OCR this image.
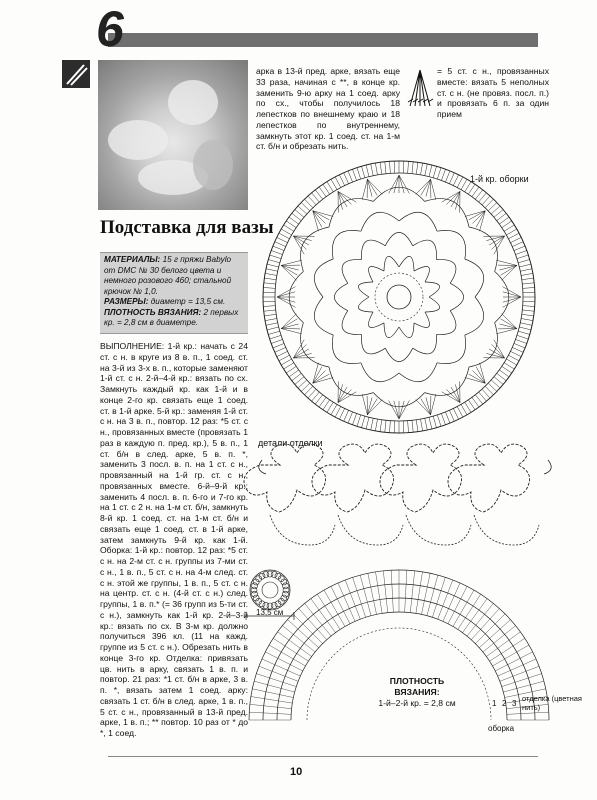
6
Подставка для вазы
МАТЕРИАЛЫ: 15 г пряжи Babylo от DMC № 30 белого цвета и немного розового 460; стальной крючок № 1,0.
РАЗМЕРЫ: диаметр = 13,5 см.
ПЛОТНОСТЬ ВЯЗАНИЯ: 2 первых кр. = 2,8 см в диаметре.
ВЫПОЛНЕНИЕ: 1-й кр.: начать с 24 ст. с н. в круге из 8 в. п., 1 соед. ст. на 3-й из 3-х в. п., которые заменяют 1-й ст. с н. 2-й–4-й кр.: вязать по сх. Замкнуть каждый кр. как 1-й и в конце 2-го кр. связать еще 1 соед. ст. в 1-й арке. 5-й кр.: заменяя 1-й ст. с н. на 3 в. п., повтор. 12 раз: *5 ст. с н., провязанных вместе (провязать 1 раз в каждую п. пред. кр.), 5 в. п., 1 ст. б/н в след. арке, 5 в. п. *, заменить 3 посл. в. п. на 1 ст. с н., провязанный на 1-й гр. ст. с н., провязанных вместе. 6-й–9-й кр.: заменить 4 посл. в. п. 6-го и 7-го кр. на 1 ст. с 2 н. на 1-м ст. б/н, замкнуть 8-й кр. 1 соед. ст. на 1-м ст. б/н и связать еще 1 соед. ст. в 1-й арке, затем замкнуть 9-й кр. как 1-й. Оборка: 1-й кр.: повтор. 12 раз: *5 ст. с н. на 2-м ст. с н. группы из 7-ми ст. с н., 1 в. п., 5 ст. с н. на 4-м след. ст. с н. этой же группы, 1 в. п., 5 ст. с н. на центр. ст. с н. (4-й ст. с н.) след. группы, 1 в. п.* (= 36 групп из 5-ти ст. с н.), замкнуть как 1-й кр. 2-й–3-й кр.: вязать по сх. В 3-м кр. должно получиться 396 кл. (11 на кажд. группе из 5 ст. с н.). Обрезать нить в конце 3-го кр. Отделка: привязать цв. нить в арку, связать 1 в. п. и повтор. 21 раз: *1 ст. б/н в арке, 3 в. п. *, вязать затем 1 соед. арку: связать 1 ст. б/н в след. арке, 1 в. п., 5 ст. с н., провязанный в 13-й пред. арке, 1 в. п.; ** повтор. 10 раз от * до *, 1 соед.
арка в 13-й пред. арке, вязать еще 33 раза, начиная с **, в конце кр. заменить 9-ю арку на 1 соед. арку по сх., чтобы получилось 18 лепестков по внешнему краю и 18 лепестков по внутреннему, замкнуть этот кр. 1 соед. ст. на 1-м ст. б/н и обрезать нить.
= 5 ст. с н., провязанных вместе: вязать 5 неполных ст. с н. (не провяз. посл. п.) и провязать 6 п. за один прием
1-й кр. оборки
детали отделки
13,5 см
ПЛОТНОСТЬ ВЯЗАНИЯ:
1-й–2-й кр. = 2,8 см	1 2 3
отделка (цветная нить)
оборка
10
